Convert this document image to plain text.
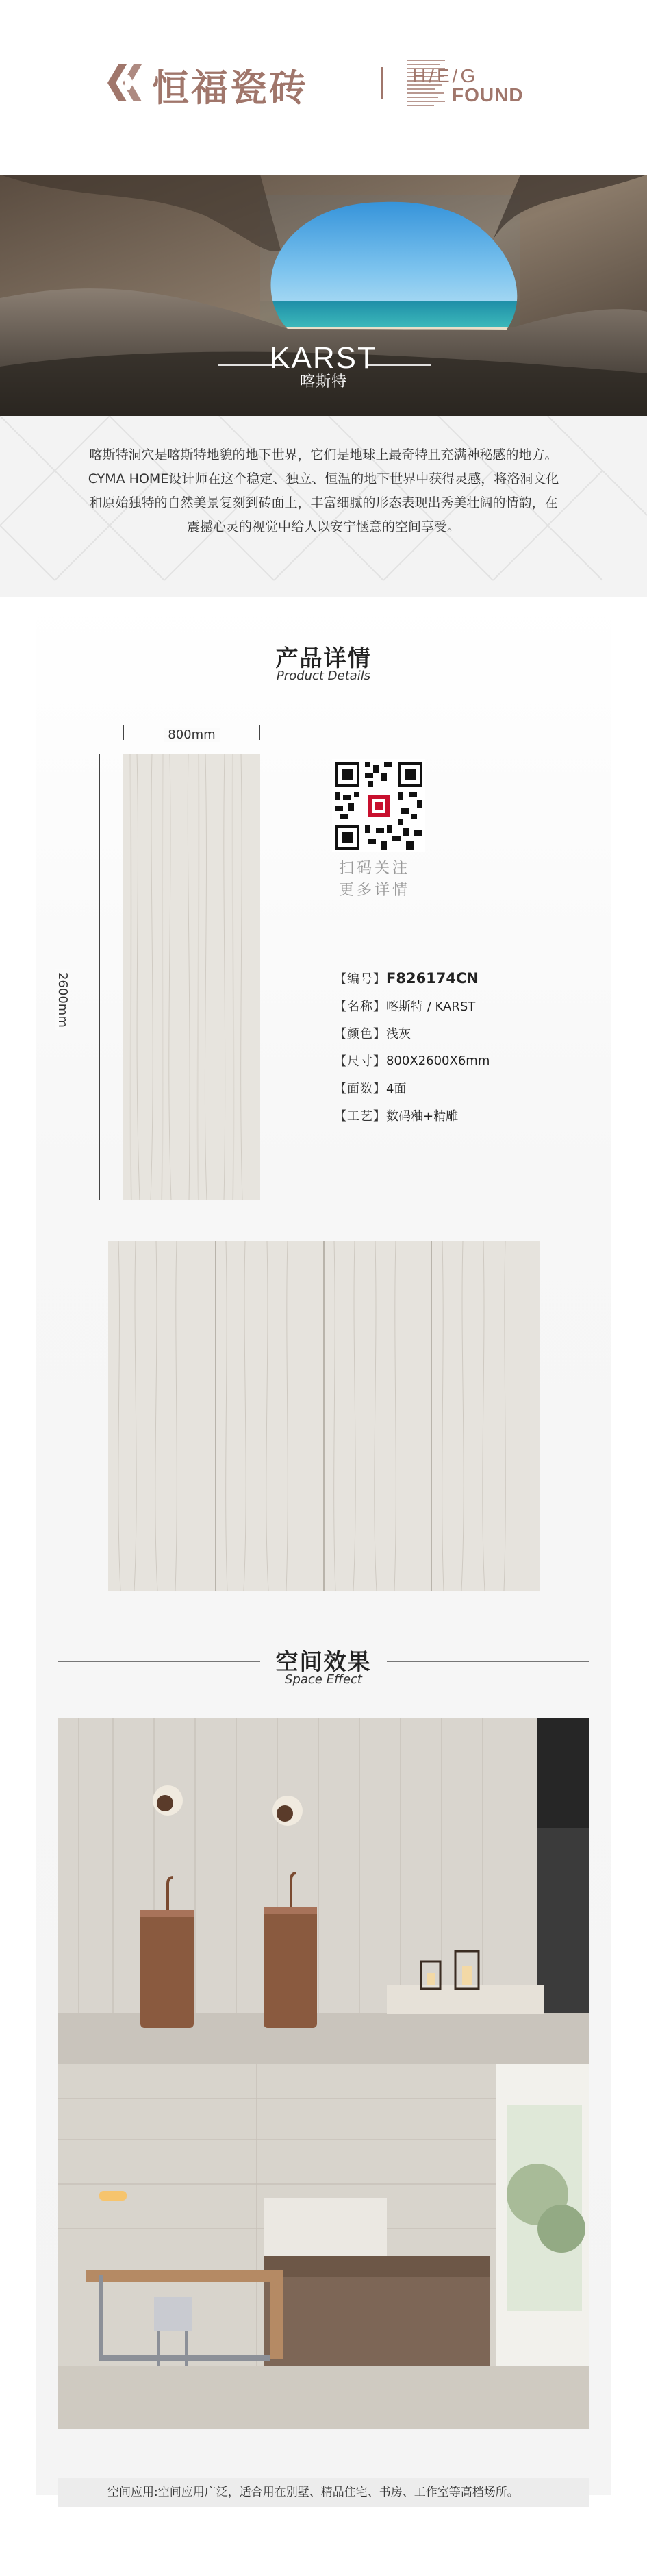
恒福瓷砖	H/E/G
FOUND
KARST
喀斯特
喀斯特洞穴是喀斯特地貌的地下世界，它们是地球上最奇特且充满神秘感的地方。
CYMA HOME设计师在这个稳定、独立、恒温的地下世界中获得灵感，将洛洞文化
和原始独特的自然美景复刻到砖面上，丰富细腻的形态表现出秀美壮阔的情韵，在
震撼心灵的视觉中给人以安宁惬意的空间享受。
产品详情
Product Details
800mm
2600mm
扫码关注
更多详情
【编号】 F826174CN
【名称】 喀斯特 / KARST
【颜色】 浅灰
【尺寸】 800X2600X6mm
【面数】 4面
【工艺】 数码釉+精雕
空间效果
Space Effect
空间应用:空间应用广泛，适合用在别墅、精品住宅、书房、工作室等高档场所。
